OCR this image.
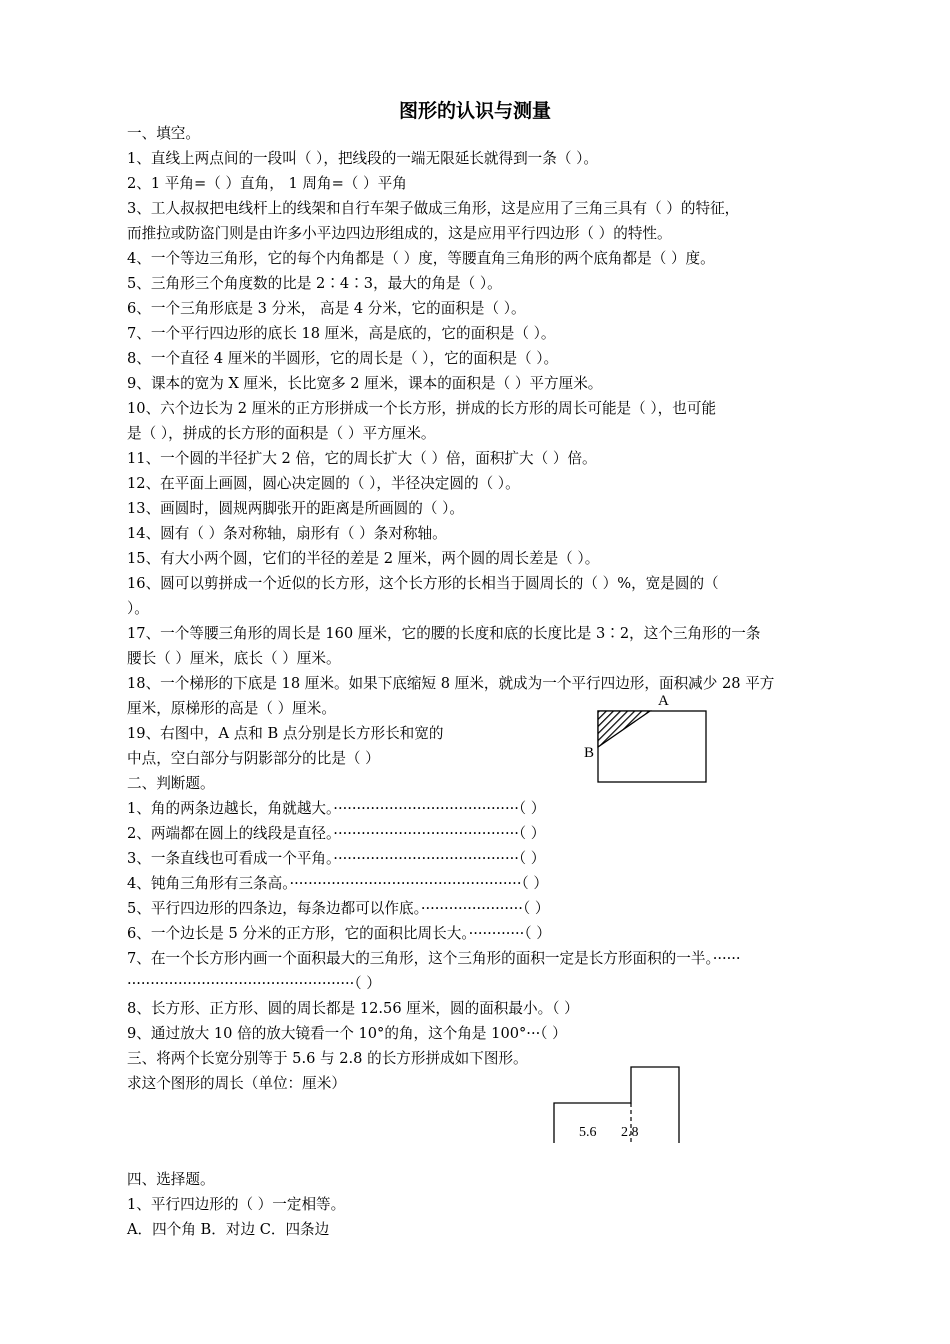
图形的认识与测量
一、填空。
1、直线上两点间的一段叫（ ），把线段的一端无限延长就得到一条（ ）。
2、1 平角=（ ）直角， 1 周角=（ ）平角
3、工人叔叔把电线杆上的线架和自行车架子做成三角形，这是应用了三角三具有（ ）的特征，
而推拉或防盗门则是由许多小平边四边形组成的，这是应用平行四边形（ ）的特性。
4、一个等边三角形，它的每个内角都是（ ）度，等腰直角三角形的两个底角都是（ ）度。
5、三角形三个角度数的比是 2∶4∶3，最大的角是（ ）。
6、一个三角形底是 3 分米， 高是 4 分米，它的面积是（ ）。
7、一个平行四边形的底长 18 厘米，高是底的，它的面积是（ ）。
8、一个直径 4 厘米的半圆形，它的周长是（ ），它的面积是（ ）。
9、课本的宽为 X 厘米，长比宽多 2 厘米，课本的面积是（ ）平方厘米。
10、六个边长为 2 厘米的正方形拼成一个长方形，拼成的长方形的周长可能是（ ），也可能
是（ ），拼成的长方形的面积是（ ）平方厘米。
11、一个圆的半径扩大 2 倍，它的周长扩大（ ）倍，面积扩大（ ）倍。
12、在平面上画圆，圆心决定圆的（ ），半径决定圆的（ ）。
13、画圆时，圆规两脚张开的距离是所画圆的（ ）。
14、圆有（ ）条对称轴，扇形有（ ）条对称轴。
15、有大小两个圆，它们的半径的差是 2 厘米，两个圆的周长差是（ ）。
16、圆可以剪拼成一个近似的长方形，这个长方形的长相当于圆周长的（ ）%，宽是圆的（
）。
17、一个等腰三角形的周长是 160 厘米，它的腰的长度和底的长度比是 3∶2，这个三角形的一条
腰长（ ）厘米，底长（ ）厘米。
18、一个梯形的下底是 18 厘米。如果下底缩短 8 厘米，就成为一个平行四边形，面积减少 28 平方
厘米，原梯形的高是（ ）厘米。
19、右图中，A 点和 B 点分别是长方形长和宽的
中点，空白部分与阴影部分的比是（ ）
A
B
二、判断题。
1、角的两条边越长，角就越大。········································（ ）
2、两端都在圆上的线段是直径。········································（ ）
3、一条直线也可看成一个平角。········································（ ）
4、钝角三角形有三条高。··················································（ ）
5、平行四边形的四条边，每条边都可以作底。······················（ ）
6、一个边长是 5 分米的正方形，它的面积比周长大。············（ ）
7、在一个长方形内画一个面积最大的三角形，这个三角形的面积一定是长方形面积的一半。······
·················································（ ）
8、长方形、正方形、圆的周长都是 12.56 厘米，圆的面积最小。（ ）
9、通过放大 10 倍的放大镜看一个 10°的角，这个角是 100°···（ ）
三、将两个长宽分别等于 5.6 与 2.8 的长方形拼成如下图形。
求这个图形的周长（单位：厘米）
5.6 2.8
四、选择题。
1、平行四边形的（ ）一定相等。
A．四个角 B．对边 C．四条边
